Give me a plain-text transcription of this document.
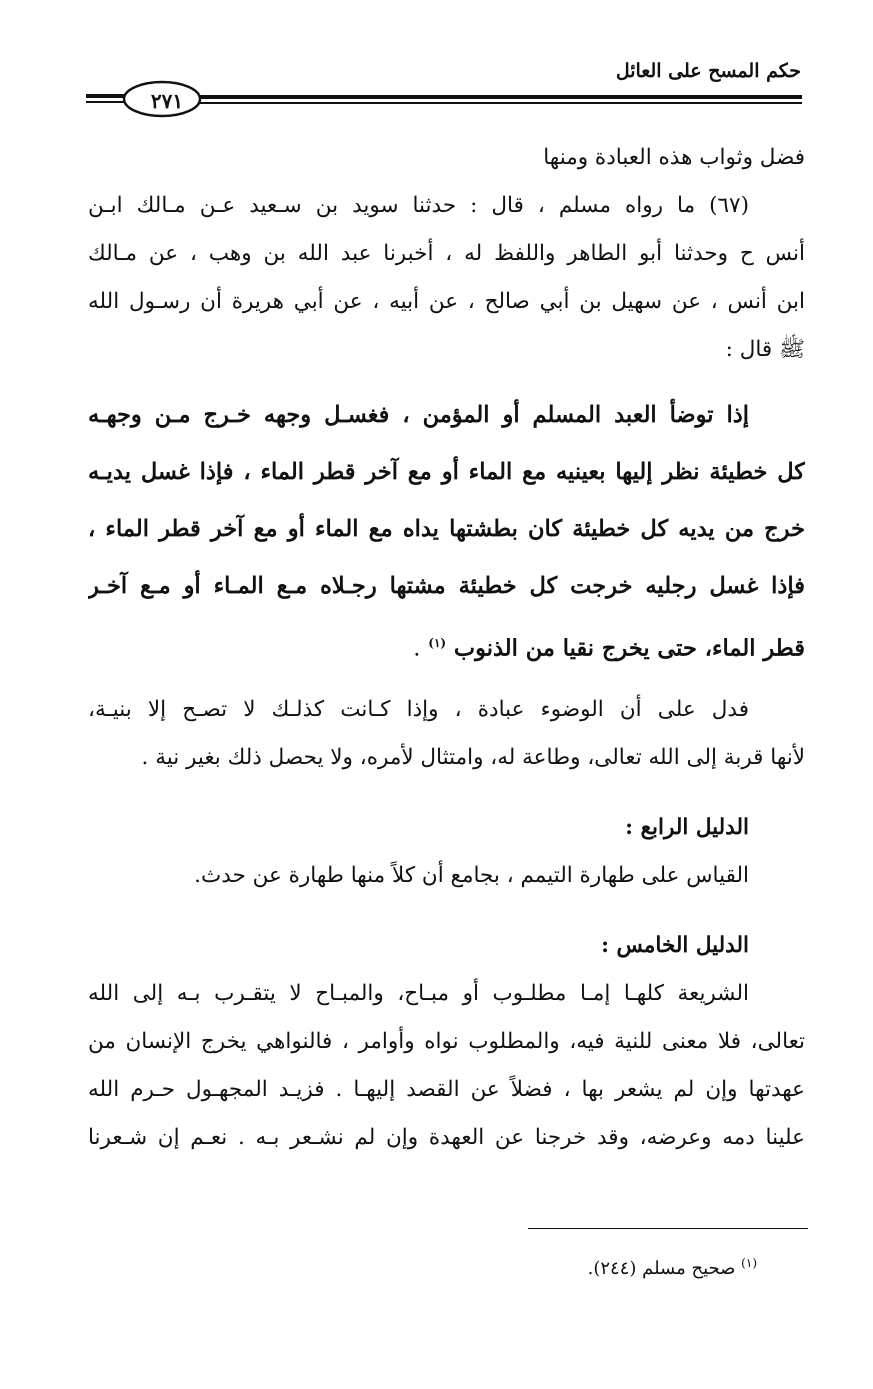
حكم المسح على العائل
٢٧١
فضل وثواب هذه العبادة ومنها
(٦٧) ما رواه مسلم ، قال : حدثنا سويد بن سـعيد عـن مـالك ابـن
أنس ح وحدثنا أبو الطاهر واللفظ له ، أخبرنا عبد الله بن وهب ، عن مـالك
ابن أنس ، عن سهيل بن أبي صالح ، عن أبيه ، عن أبي هريرة أن رسـول الله
ﷺ قال :
إذا توضأ العبد المسلم أو المؤمن ، فغسـل وجهه خـرج مـن وجهـه
كل خطيئة نظر إليها بعينيه مع الماء أو مع آخر قطر الماء ، فإذا غسل يديـه
خرج من يديه كل خطيئة كان بطشتها يداه مع الماء أو مع آخر قطر الماء ،
فإذا غسل رجليه خرجت كل خطيئة مشتها رجـلاه مـع المـاء أو مـع آخـر
قطر الماء، حتى يخرج نقيا من الذنوب $^{(١)}$ .
فدل على أن الوضوء عبادة ، وإذا كـانت كذلـك لا تصـح إلا بنيـة،
لأنها قربة إلى الله تعالى، وطاعة له، وامتثال لأمره، ولا يحصل ذلك بغير نية .
الدليل الرابع :
القياس على طهارة التيمم ، بجامع أن كلاً منها طهارة عن حدث.
الدليل الخامس :
الشريعة كلهـا إمـا مطلـوب أو مبـاح، والمبـاح لا يتقـرب بـه إلى الله
تعالى، فلا معنى للنية فيه، والمطلوب نواه وأوامر ، فالنواهي يخرج الإنسان من
عهدتها وإن لم يشعر بها ، فضلاً عن القصد إليهـا . فزيـد المجهـول حـرم الله
علينا دمه وعرضه، وقد خرجنا عن العهدة وإن لم نشـعر بـه . نعـم إن شـعرنا
$^{(١)}$ صحيح مسلم (٢٤٤).
